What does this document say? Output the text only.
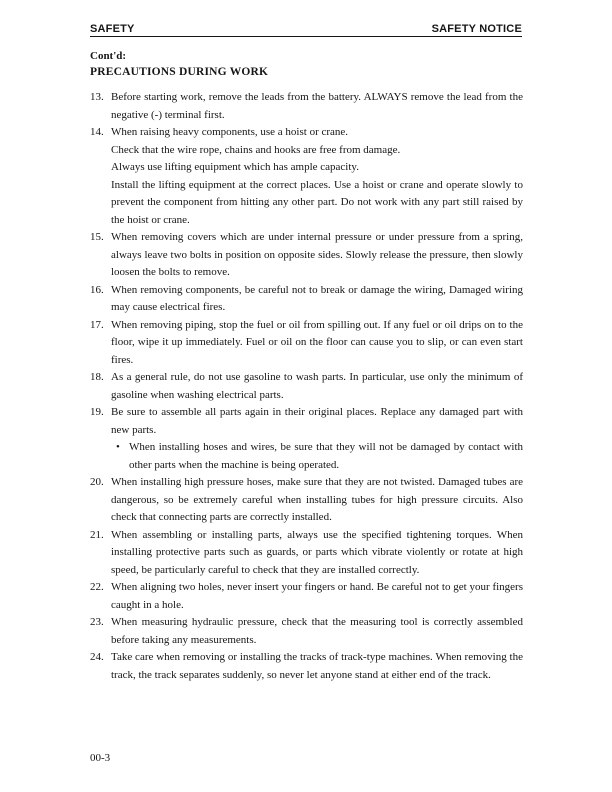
SAFETY	SAFETY NOTICE
Cont'd:
PRECAUTIONS DURING WORK
13. Before starting work, remove the leads from the battery. ALWAYS remove the lead from the negative (-) terminal first.

14. When raising heavy components, use a hoist or crane.

Check that the wire rope, chains and hooks are free from damage.

Always use lifting equipment which has ample capacity.

Install the lifting equipment at the correct places. Use a hoist or crane and operate slowly to prevent the component from hitting any other part. Do not work with any part still raised by the hoist or crane.

15. When removing covers which are under internal pressure or under pressure from a spring, always leave two bolts in position on opposite sides. Slowly release the pressure, then slowly loosen the bolts to remove.

16. When removing components, be careful not to break or damage the wiring, Damaged wiring may cause electrical fires.

17. When removing piping, stop the fuel or oil from spilling out. If any fuel or oil drips on to the floor, wipe it up immediately. Fuel or oil on the floor can cause you to slip, or can even start fires.

18. As a general rule, do not use gasoline to wash parts. In particular, use only the minimum of gasoline when washing electrical parts.

19. Be sure to assemble all parts again in their original places. Replace any damaged part with new parts.

• When installing hoses and wires, be sure that they will not be damaged by contact with other parts when the machine is being operated.

20. When installing high pressure hoses, make sure that they are not twisted. Damaged tubes are dangerous, so be extremely careful when installing tubes for high pressure circuits. Also check that connecting parts are correctly installed.

21. When assembling or installing parts, always use the specified tightening torques. When installing protective parts such as guards, or parts which vibrate violently or rotate at high speed, be particularly careful to check that they are installed correctly.

22. When aligning two holes, never insert your fingers or hand. Be careful not to get your fingers caught in a hole.

23. When measuring hydraulic pressure, check that the measuring tool is correctly assembled before taking any measurements.

24. Take care when removing or installing the tracks of track-type machines. When removing the track, the track separates suddenly, so never let anyone stand at either end of the track.

00-3
